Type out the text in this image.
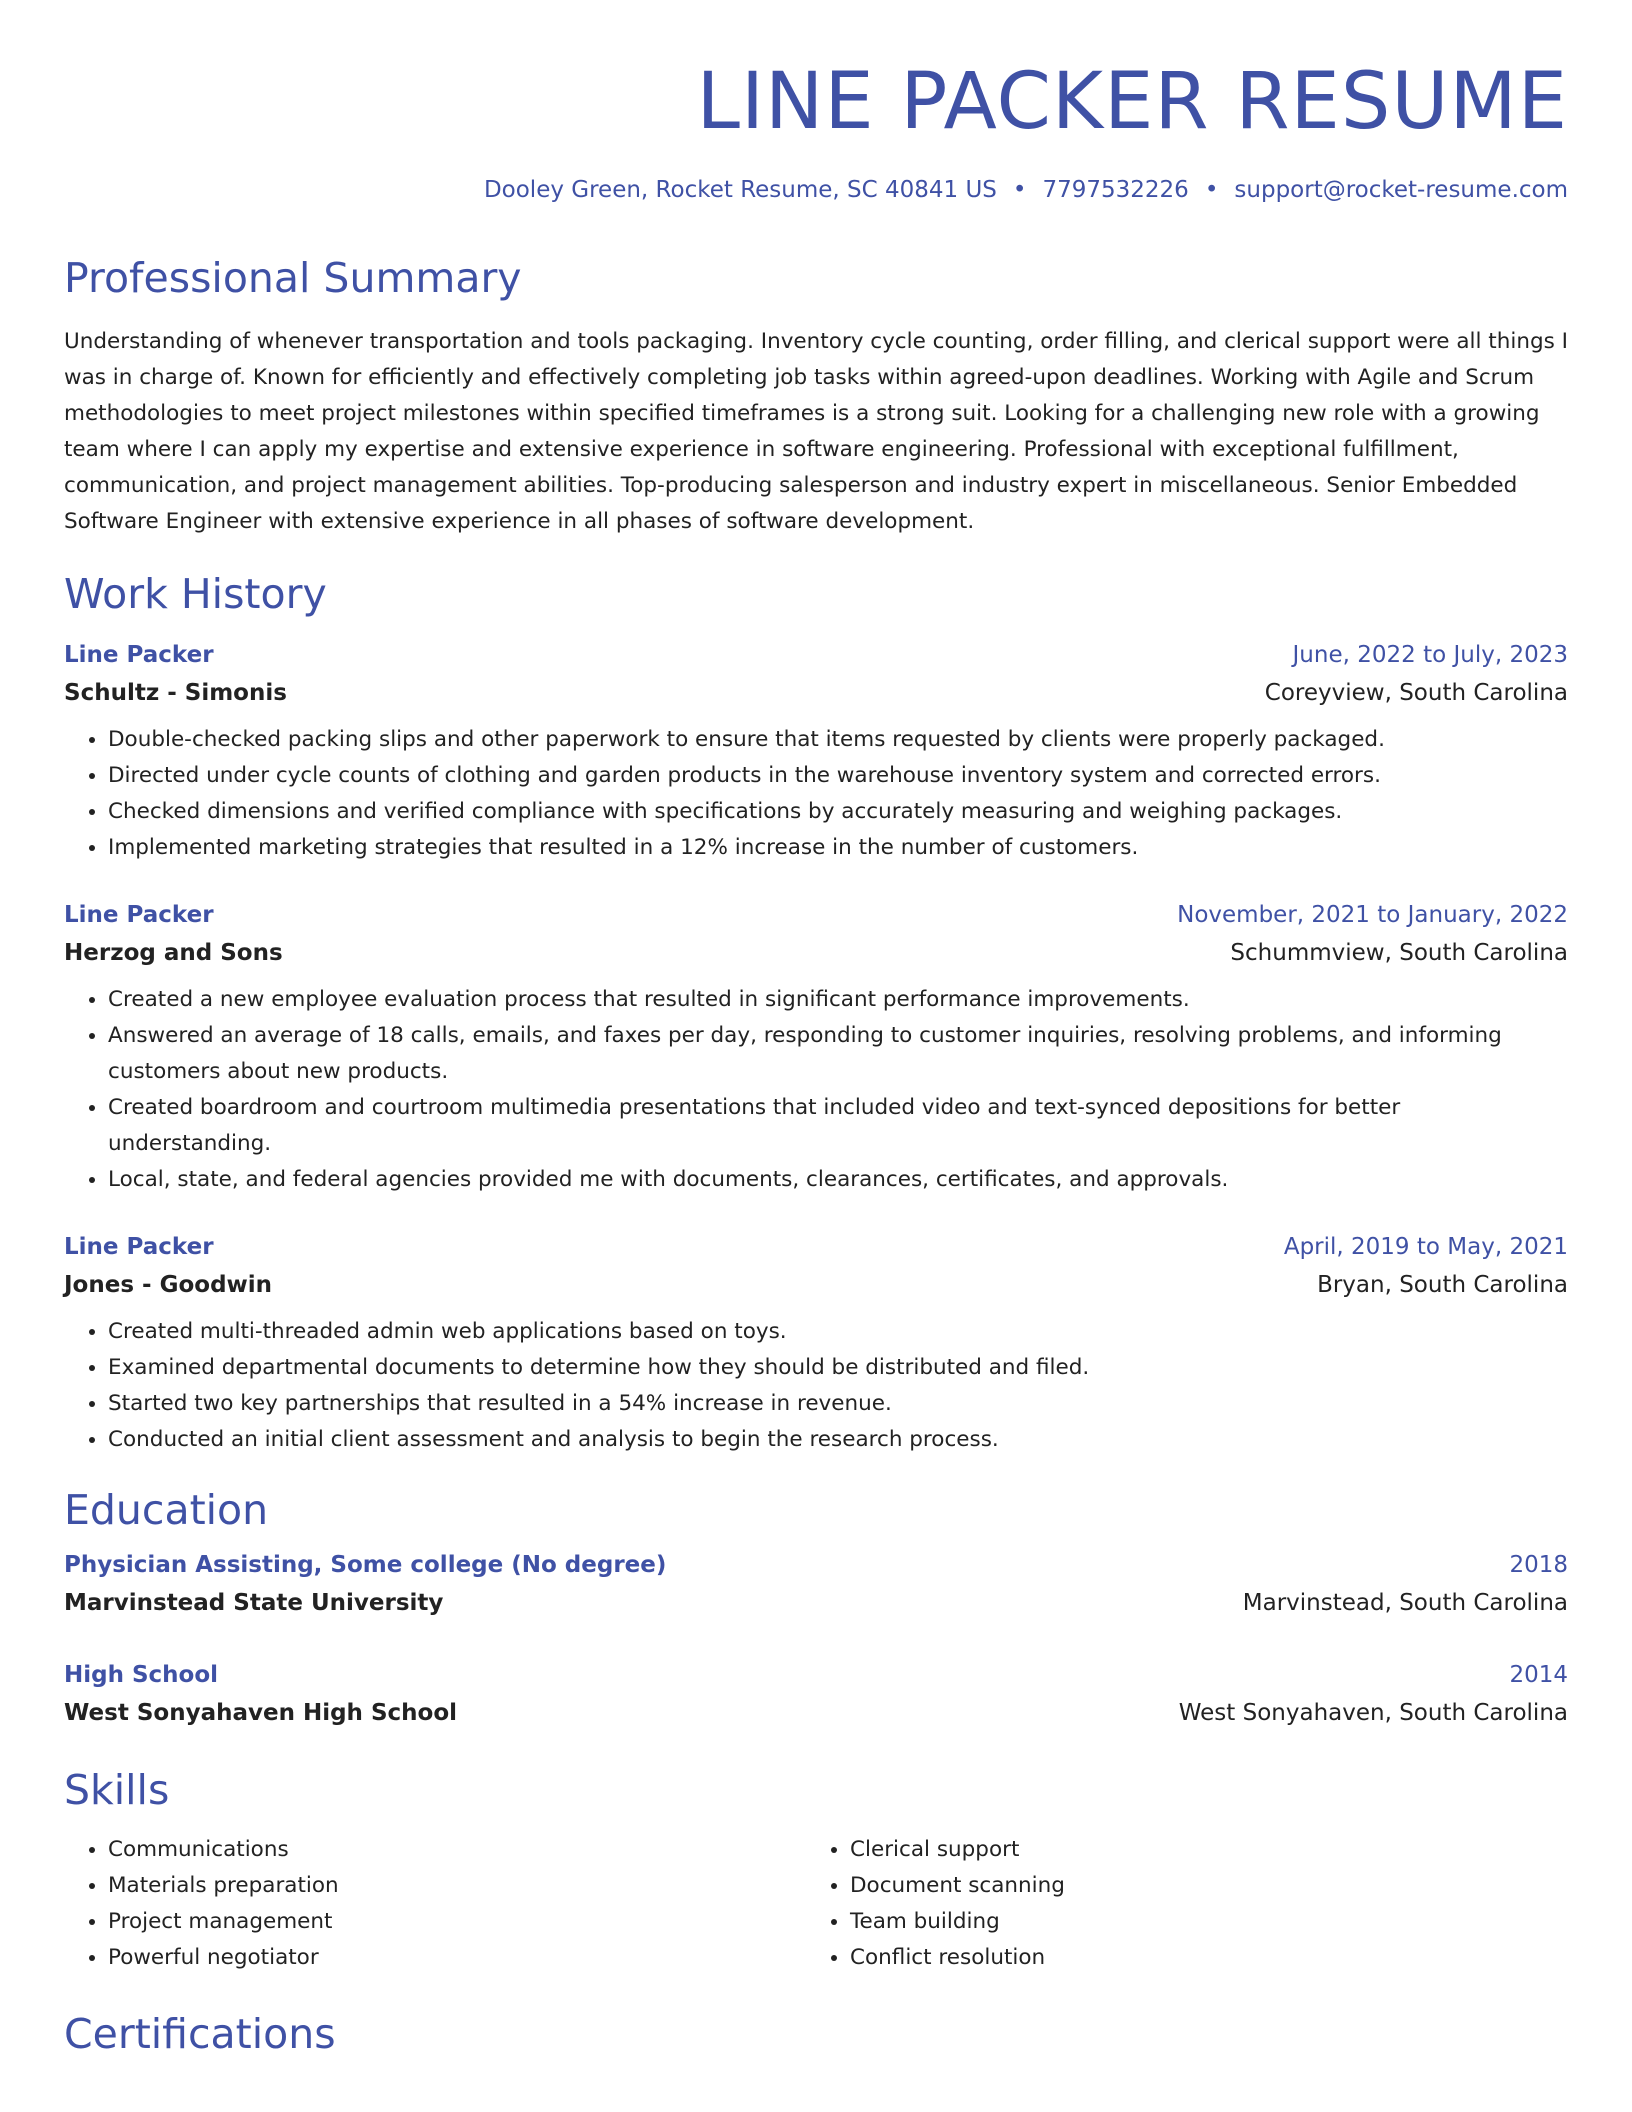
LINE PACKER RESUME
Dooley Green, Rocket Resume, SC 40841 US • 7797532226 • support@rocket-resume.com
Professional Summary

Understanding of whenever transportation and tools packaging. Inventory cycle counting, order filling, and clerical support were all things I was in charge of. Known for efficiently and effectively completing job tasks within agreed-upon deadlines. Working with Agile and Scrum methodologies to meet project milestones within specified timeframes is a strong suit. Looking for a challenging new role with a growing team where I can apply my expertise and extensive experience in software engineering. Professional with exceptional fulfillment, communication, and project management abilities. Top-producing salesperson and industry expert in miscellaneous. Senior Embedded Software Engineer with extensive experience in all phases of software development.

Work History
Line Packer	June, 2022 to July, 2023
Schultz - Simonis	Coreyview, South Carolina
• Double-checked packing slips and other paperwork to ensure that items requested by clients were properly packaged.
• Directed under cycle counts of clothing and garden products in the warehouse inventory system and corrected errors.
• Checked dimensions and verified compliance with specifications by accurately measuring and weighing packages.
• Implemented marketing strategies that resulted in a 12% increase in the number of customers.
Line Packer	November, 2021 to January, 2022
Herzog and Sons	Schummview, South Carolina
• Created a new employee evaluation process that resulted in significant performance improvements.
• Answered an average of 18 calls, emails, and faxes per day, responding to customer inquiries, resolving problems, and informing customers about new products.
• Created boardroom and courtroom multimedia presentations that included video and text-synced depositions for better understanding.
• Local, state, and federal agencies provided me with documents, clearances, certificates, and approvals.
Line Packer	April, 2019 to May, 2021
Jones - Goodwin	Bryan, South Carolina
• Created multi-threaded admin web applications based on toys.
• Examined departmental documents to determine how they should be distributed and filed.
• Started two key partnerships that resulted in a 54% increase in revenue.
• Conducted an initial client assessment and analysis to begin the research process.
Education
Physician Assisting, Some college (No degree)	2018
Marvinstead State University	Marvinstead, South Carolina
High School	2014
West Sonyahaven High School	West Sonyahaven, South Carolina
Skills
• Communications
• Materials preparation
• Project management
• Powerful negotiator
• Clerical support
• Document scanning
• Team building
• Conflict resolution
Certifications
